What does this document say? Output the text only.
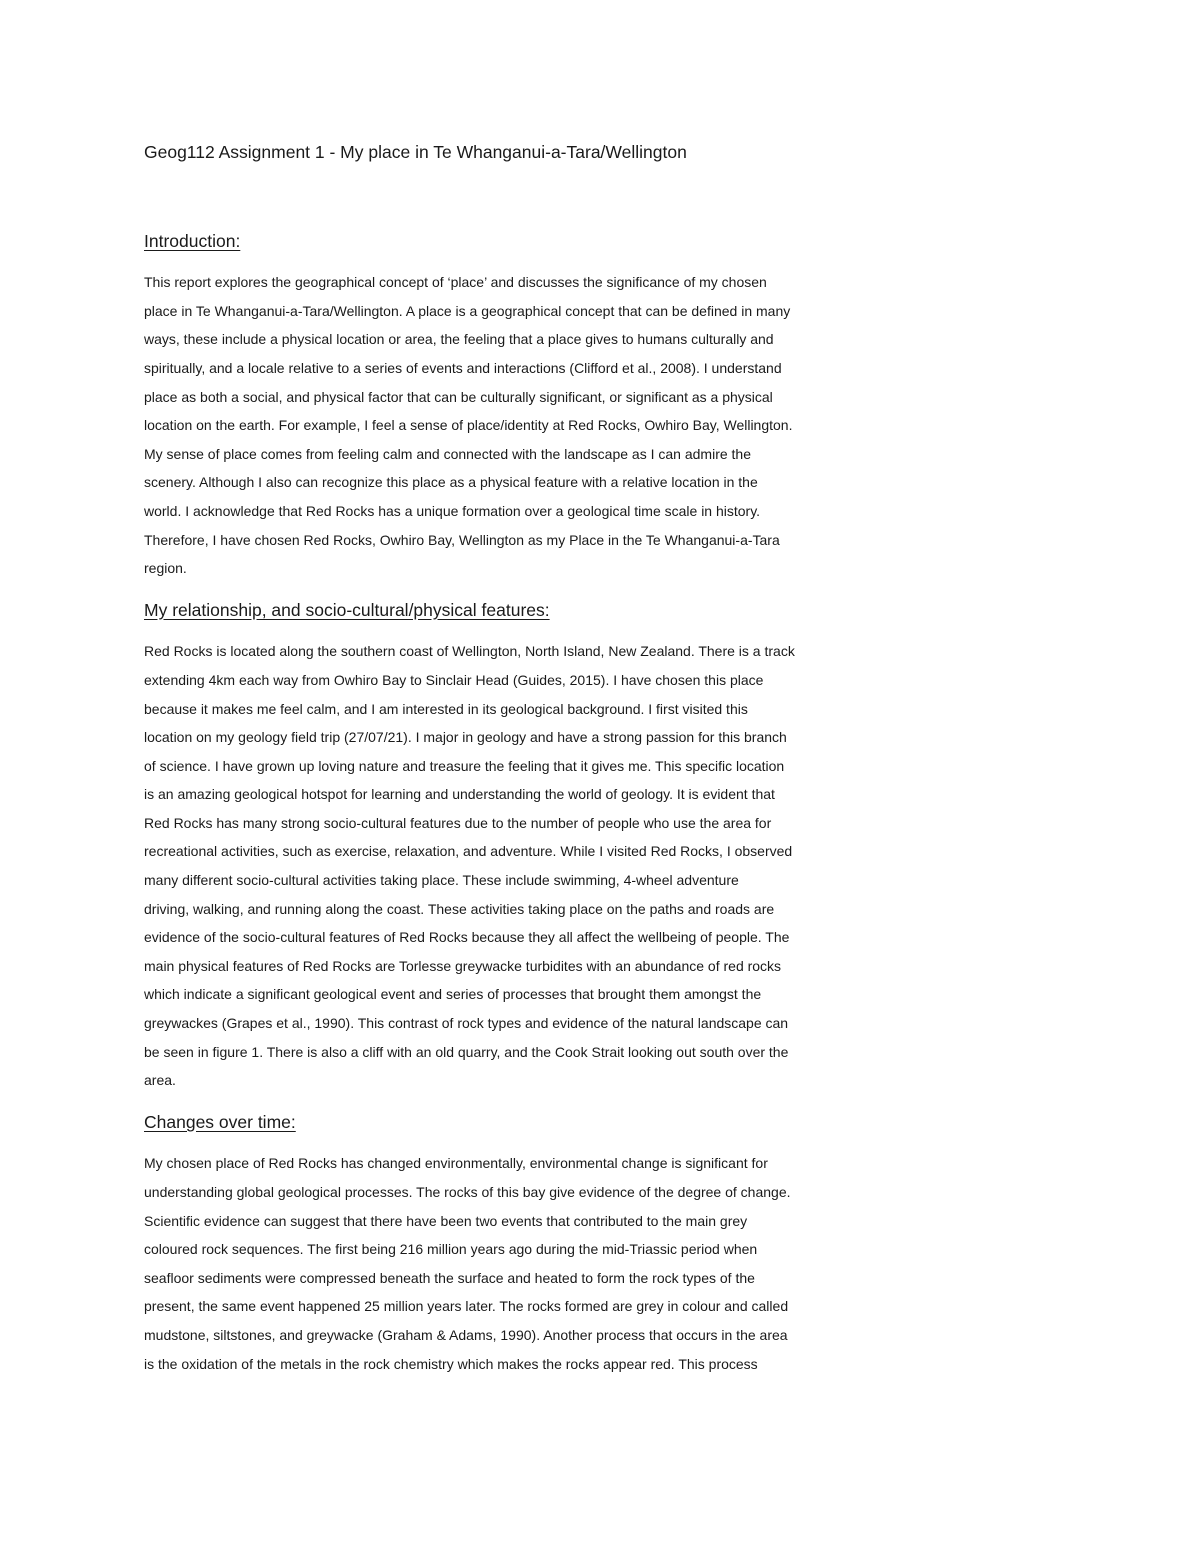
Geog112 Assignment 1 - My place in Te Whanganui-a-Tara/Wellington
Introduction:
This report explores the geographical concept of ‘place’ and discusses the significance of my chosen
place in Te Whanganui-a-Tara/Wellington. A place is a geographical concept that can be defined in many
ways, these include a physical location or area, the feeling that a place gives to humans culturally and
spiritually, and a locale relative to a series of events and interactions (Clifford et al., 2008). I understand
place as both a social, and physical factor that can be culturally significant, or significant as a physical
location on the earth. For example, I feel a sense of place/identity at Red Rocks, Owhiro Bay, Wellington.
My sense of place comes from feeling calm and connected with the landscape as I can admire the
scenery. Although I also can recognize this place as a physical feature with a relative location in the
world. I acknowledge that Red Rocks has a unique formation over a geological time scale in history.
Therefore, I have chosen Red Rocks, Owhiro Bay, Wellington as my Place in the Te Whanganui-a-Tara
region.
My relationship, and socio-cultural/physical features:
Red Rocks is located along the southern coast of Wellington, North Island, New Zealand. There is a track
extending 4km each way from Owhiro Bay to Sinclair Head (Guides, 2015). I have chosen this place
because it makes me feel calm, and I am interested in its geological background. I first visited this
location on my geology field trip (27/07/21). I major in geology and have a strong passion for this branch
of science. I have grown up loving nature and treasure the feeling that it gives me. This specific location
is an amazing geological hotspot for learning and understanding the world of geology. It is evident that
Red Rocks has many strong socio-cultural features due to the number of people who use the area for
recreational activities, such as exercise, relaxation, and adventure. While I visited Red Rocks, I observed
many different socio-cultural activities taking place. These include swimming, 4-wheel adventure
driving, walking, and running along the coast. These activities taking place on the paths and roads are
evidence of the socio-cultural features of Red Rocks because they all affect the wellbeing of people. The
main physical features of Red Rocks are Torlesse greywacke turbidites with an abundance of red rocks
which indicate a significant geological event and series of processes that brought them amongst the
greywackes (Grapes et al., 1990). This contrast of rock types and evidence of the natural landscape can
be seen in figure 1. There is also a cliff with an old quarry, and the Cook Strait looking out south over the
area.
Changes over time:
My chosen place of Red Rocks has changed environmentally, environmental change is significant for
understanding global geological processes. The rocks of this bay give evidence of the degree of change.
Scientific evidence can suggest that there have been two events that contributed to the main grey
coloured rock sequences. The first being 216 million years ago during the mid-Triassic period when
seafloor sediments were compressed beneath the surface and heated to form the rock types of the
present, the same event happened 25 million years later. The rocks formed are grey in colour and called
mudstone, siltstones, and greywacke (Graham & Adams, 1990). Another process that occurs in the area
is the oxidation of the metals in the rock chemistry which makes the rocks appear red. This process
